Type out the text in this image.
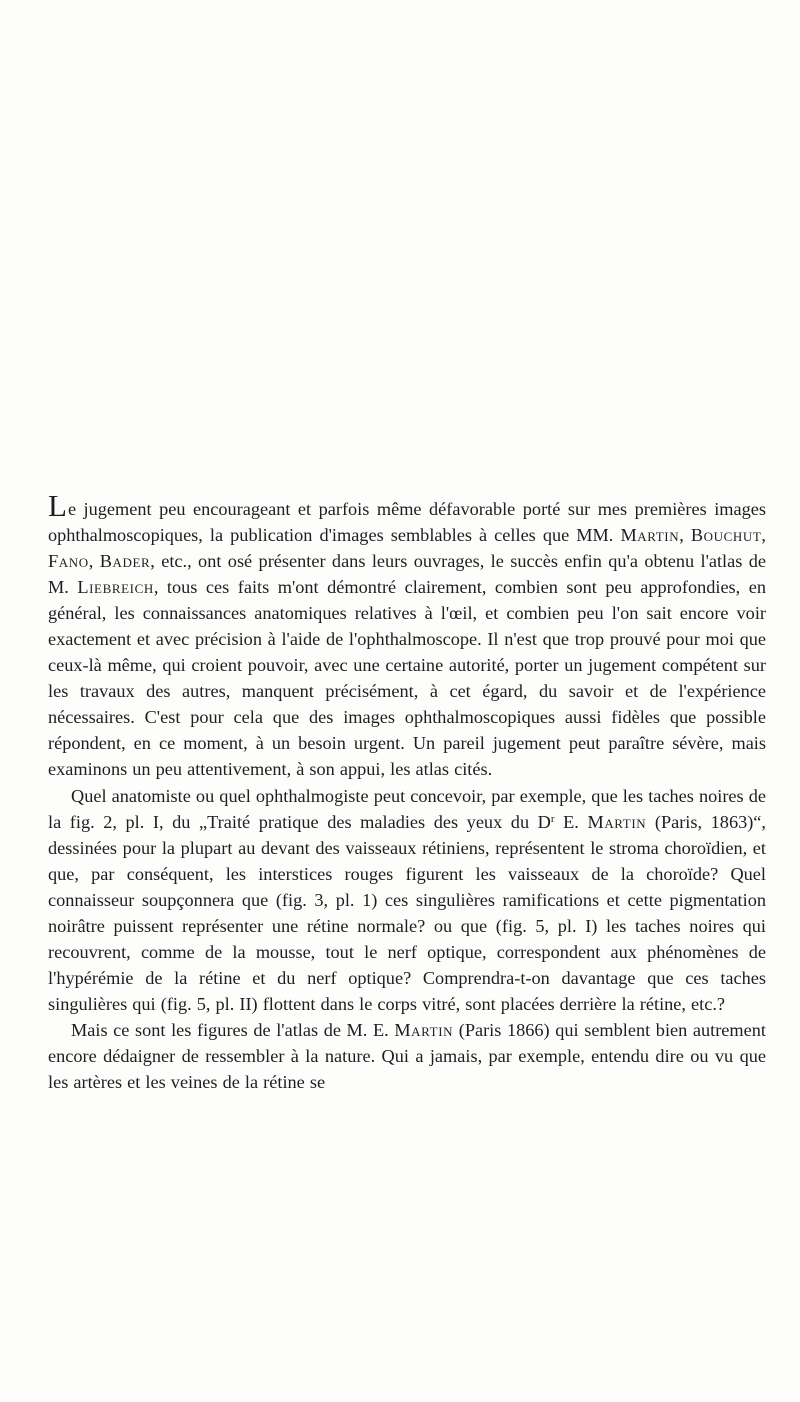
Le jugement peu encourageant et parfois même défavorable porté sur mes premières images ophthalmoscopiques, la publication d'images semblables à celles que MM. Martin, Bouchut, Fano, Bader, etc., ont osé présenter dans leurs ouvrages, le succès enfin qu'a obtenu l'atlas de M. Liebreich, tous ces faits m'ont démontré clairement, combien sont peu approfondies, en général, les connaissances anatomiques relatives à l'œil, et combien peu l'on sait encore voir exactement et avec précision à l'aide de l'ophthalmoscope. Il n'est que trop prouvé pour moi que ceux-là même, qui croient pouvoir, avec une certaine autorité, porter un jugement compétent sur les travaux des autres, manquent précisément, à cet égard, du savoir et de l'expérience nécessaires. C'est pour cela que des images ophthalmoscopiques aussi fidèles que possible répondent, en ce moment, à un besoin urgent. Un pareil jugement peut paraître sévère, mais examinons un peu attentivement, à son appui, les atlas cités.

Quel anatomiste ou quel ophthalmogiste peut concevoir, par exemple, que les taches noires de la fig. 2, pl. I, du „Traité pratique des maladies des yeux du $D^r$ E. Martin (Paris, 1863)“, dessinées pour la plupart au devant des vaisseaux rétiniens, représentent le stroma choroïdien, et que, par conséquent, les interstices rouges figurent les vaisseaux de la choroïde? Quel connaisseur soupçonnera que (fig. 3, pl. 1) ces singulières ramifications et cette pigmentation noirâtre puissent représenter une rétine normale? ou que (fig. 5, pl. I) les taches noires qui recouvrent, comme de la mousse, tout le nerf optique, correspondent aux phénomènes de l'hypérémie de la rétine et du nerf optique? Comprendra-t-on davantage que ces taches singulières qui (fig. 5, pl. II) flottent dans le corps vitré, sont placées derrière la rétine, etc.?

Mais ce sont les figures de l'atlas de M. E. Martin (Paris 1866) qui semblent bien autrement encore dédaigner de ressembler à la nature. Qui a jamais, par exemple, entendu dire ou vu que les artères et les veines de la rétine se
